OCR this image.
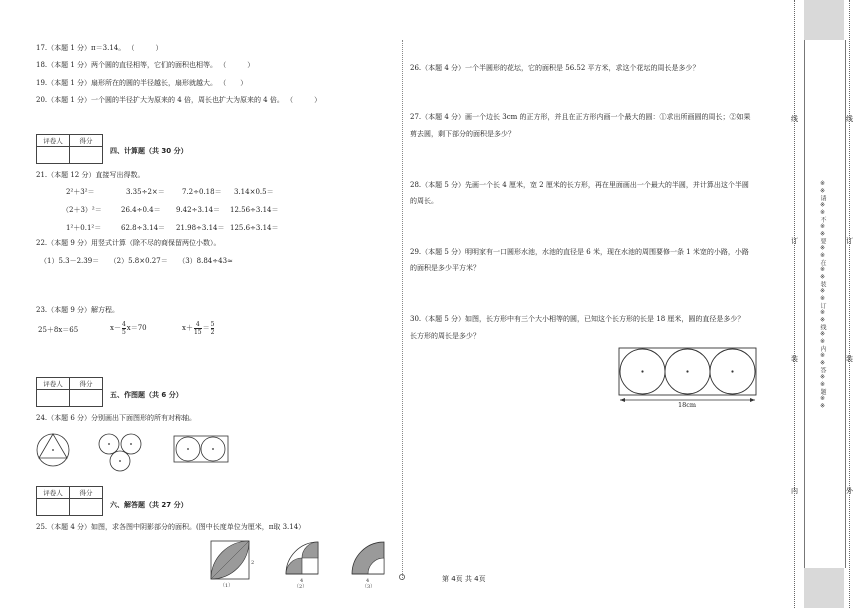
17.（本题 1 分）π＝3.14。 （　　　）
18.（本题 1 分）两个圆的直径相等，它们的面积也相等。 （　　　）
19.（本题 1 分）扇形所在的圆的半径越长，扇形就越大。 （　　）
20.（本题 1 分）一个圆的半径扩大为原来的 4 倍，周长也扩大为原来的 4 倍。 （　　　）
评卷人	得分

四、计算题（共 30 分）
21.（本题 12 分）直接写出得数。
2²＋3²＝	3.35÷2×＝ 7.2÷0.18＝ 3.14×0.5＝
（2＋3）²＝	26.4÷0.4＝ 9.42÷3.14＝ 12.56÷3.14＝
1²＋0.1²＝	62.8÷3.14＝ 21.98÷3.14＝ 125.6÷3.14＝
22.（本题 9 分）用竖式计算（除不尽的商保留两位小数）。
（1）5.3－2.39＝　　（2）5.8×0.27＝　　（3）8.84÷43≈
23.（本题 9 分）解方程。
25＋8x＝65	$x- \frac{4}{5} x=70$	$x+ \frac{4}{15} = \frac{5}{2}$
评卷人	得分

五、作图题（共 6 分）
24.（本题 6 分）分别画出下面图形的所有对称轴。
评卷人	得分

六、解答题（共 27 分）
25.（本题 4 分）如图，求各图中阴影部分的面积。(图中长度单位为厘米，π取 3.14）
2
（1）
4
（2）
4
（3）
26.（本题 4 分）一个半圆形的花坛，它的面积是 56.52 平方米，求这个花坛的周长是多少？
27.（本题 4 分）画一个边长 3cm 的正方形，并且在正方形内画一个最大的圆：①求出所画圆的周长；②如果
剪去圆，剩下部分的面积是多少？
28.（本题 5 分）先画一个长 4 厘米，宽 2 厘米的长方形，再在里面画出一个最大的半圆，并计算出这个半圆
的周长。
29.（本题 5 分）明明家有一口圆形水池，水池的直径是 6 米，现在水池的周围要修一条 1 米宽的小路，小路
的面积是多少平方米？
30.（本题 5 分）如图，长方形中有三个大小相等的圆，已知这个长方形的长是 18 厘米，圆的直径是多少？
长方形的周长是多少？
18cm
第 4页 共 4页
线
订
装
内
线
订
装
外
※※请※※不※※要※※在※※装※※订※※线※※内※※答※※题※※
